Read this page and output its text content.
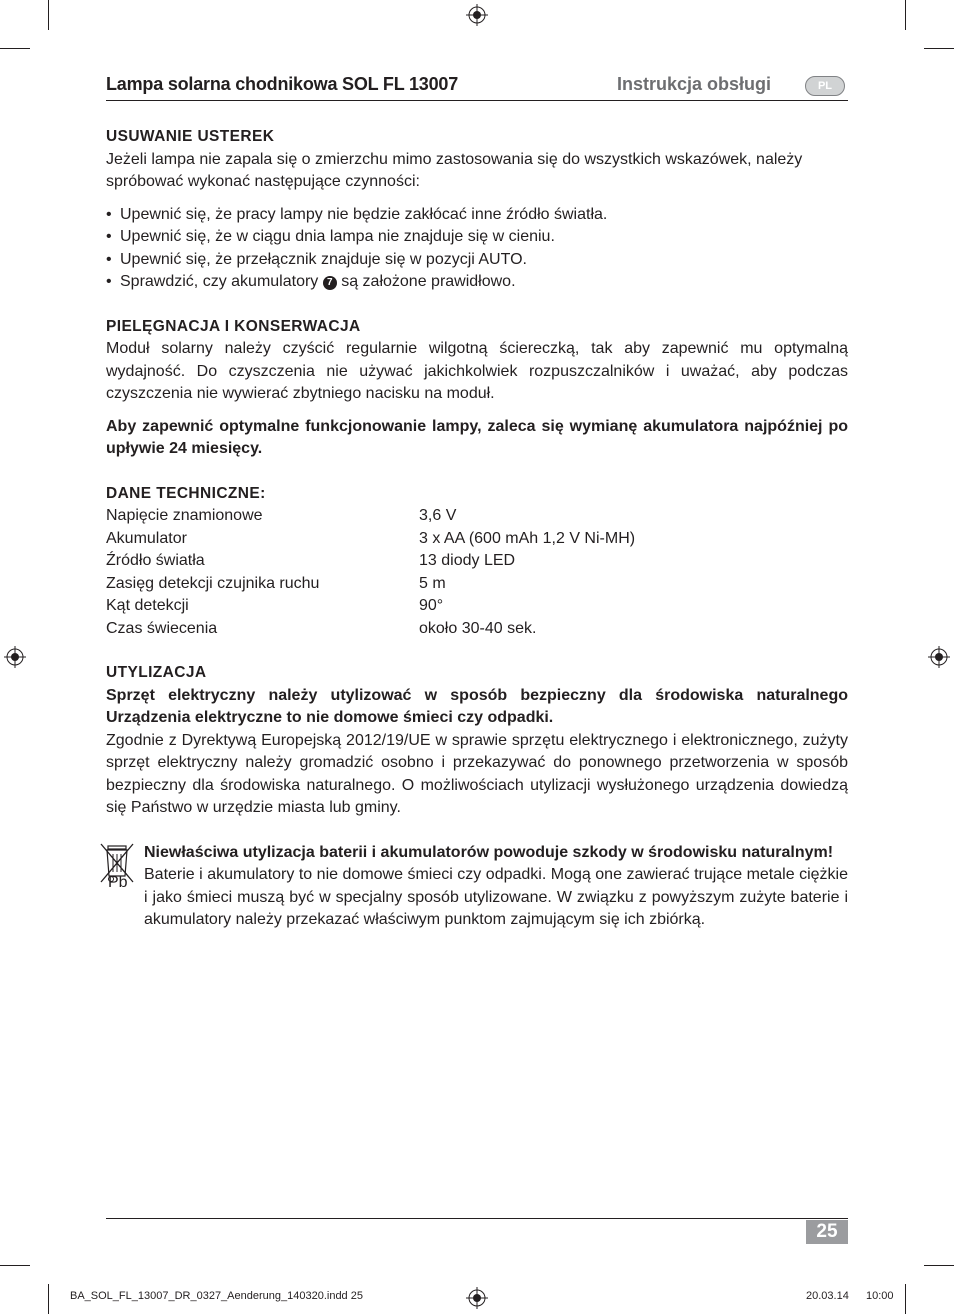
Lampa solarna chodnikowa SOL FL 13007	Instrukcja obsługi	PL

USUWANIE USTEREK

Jeżeli lampa nie zapala się o zmierzchu mimo zastosowania się do wszystkich wskazówek, należy spróbować wykonać następujące czynności:

• Upewnić się, że pracy lampy nie będzie zakłócać inne źródło światła.
• Upewnić się, że w ciągu dnia lampa nie znajduje się w cieniu.
• Upewnić się, że przełącznik znajduje się w pozycji AUTO.
• Sprawdzić, czy akumulatory 7 są założone prawidłowo.

PIELĘGNACJA I KONSERWACJA

Moduł solarny należy czyścić regularnie wilgotną ściereczką, tak aby zapewnić mu optymalną wydajność. Do czyszczenia nie używać jakichkolwiek rozpuszczalników i uważać, aby podczas czyszczenia nie wywierać zbytniego nacisku na moduł.

Aby zapewnić optymalne funkcjonowanie lampy, zaleca się wymianę akumulatora najpóźniej po upływie 24 miesięcy.

DANE TECHNICZNE:

Napięcie znamionowe	3,6 V
Akumulator	3 x AA (600 mAh 1,2 V Ni-MH)
Źródło światła	13 diody LED
Zasięg detekcji czujnika ruchu	5 m
Kąt detekcji	90°
Czas świecenia	około 30-40 sek.

UTYLIZACJA

Sprzęt elektryczny należy utylizować w sposób bezpieczny dla środowiska naturalnego Urządzenia elektryczne to nie domowe śmieci czy odpadki.

Zgodnie z Dyrektywą Europejską 2012/19/UE w sprawie sprzętu elektrycznego i elektronicznego, zużyty sprzęt elektryczny należy gromadzić osobno i przekazywać do ponownego przetworzenia w sposób bezpieczny dla środowiska naturalnego. O możliwościach utylizacji wysłużonego urządzenia dowiedzą się Państwo w urzędzie miasta lub gminy.

Pb

Niewłaściwa utylizacja baterii i akumulatorów powoduje szkody w środowisku naturalnym!

Baterie i akumulatory to nie domowe śmieci czy odpadki. Mogą one zawierać trujące metale ciężkie i jako śmieci muszą być w specjalny sposób utylizowane. W związku z powyższym zużyte baterie i akumulatory należy przekazać właściwym punktom zajmującym się ich zbiórką.

25
BA_SOL_FL_13007_DR_0327_Aenderung_140320.indd 25	20.03.14 10:00
